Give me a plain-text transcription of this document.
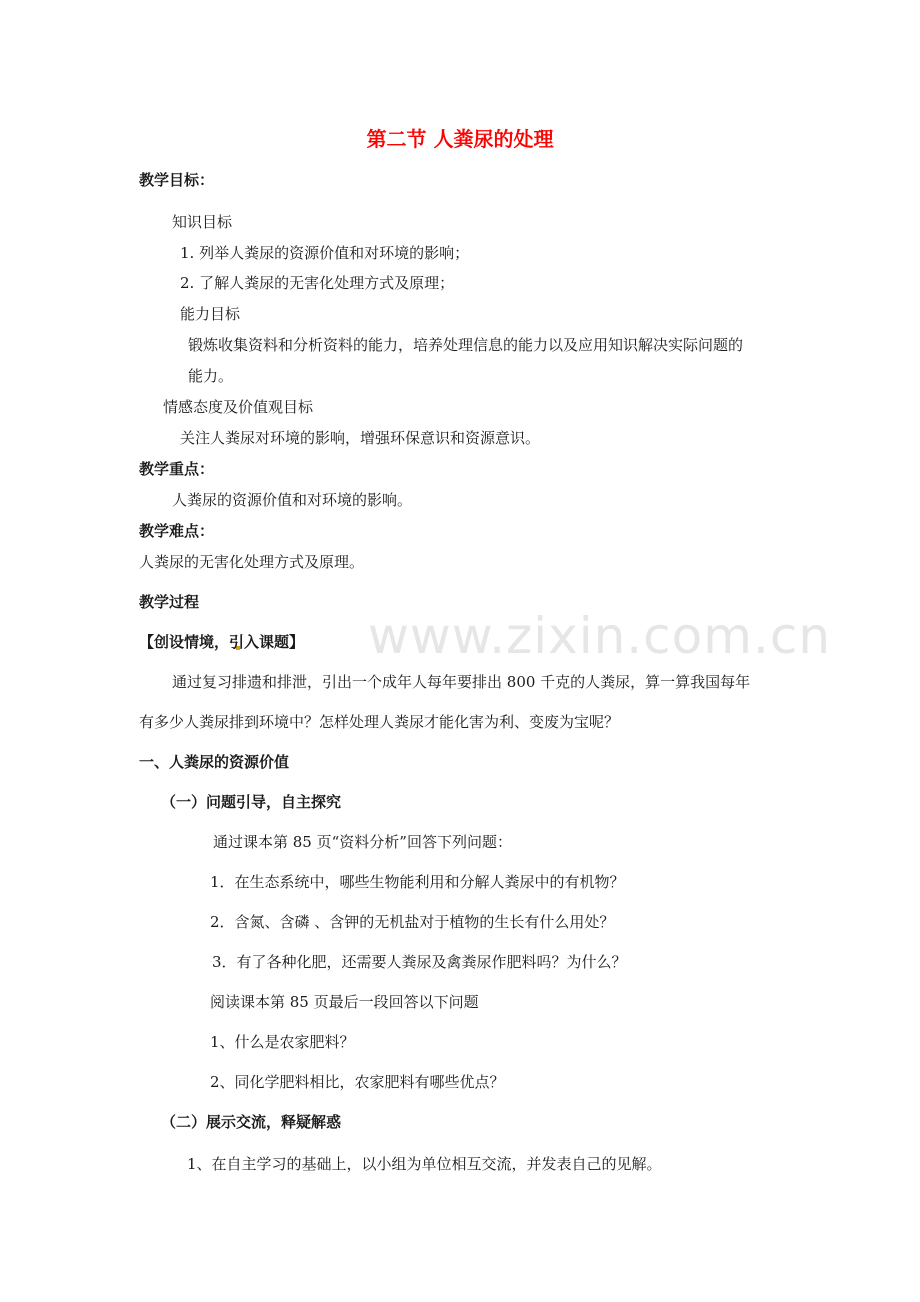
www.zixin.com.cn
第二节 人粪尿的处理
教学目标：
知识目标
1. 列举人粪尿的资源价值和对环境的影响；
2. 了解人粪尿的无害化处理方式及原理；
能力目标
锻炼收集资料和分析资料的能力，培养处理信息的能力以及应用知识解决实际问题的
能力。
情感态度及价值观目标
关注人粪尿对环境的影响，增强环保意识和资源意识。
教学重点：
人粪尿的资源价值和对环境的影响。
教学难点：
人粪尿的无害化处理方式及原理。
教学过程
【创设情境，引入课题】
通过复习排遗和排泄，引出一个成年人每年要排出 800 千克的人粪尿，算一算我国每年
有多少人粪尿排到环境中？怎样处理人粪尿才能化害为利、变废为宝呢？
一、人粪尿的资源价值
（一）问题引导，自主探究
通过课本第 85 页“资料分析”回答下列问题：
1．在生态系统中，哪些生物能利用和分解人粪尿中的有机物？
2．含氮、含磷 、含钾的无机盐对于植物的生长有什么用处？
3．有了各种化肥，还需要人粪尿及禽粪尿作肥料吗？为什么？
阅读课本第 85 页最后一段回答以下问题
1、什么是农家肥料？
2、同化学肥料相比，农家肥料有哪些优点？
（二）展示交流，释疑解惑
1、在自主学习的基础上，以小组为单位相互交流，并发表自己的见解。
